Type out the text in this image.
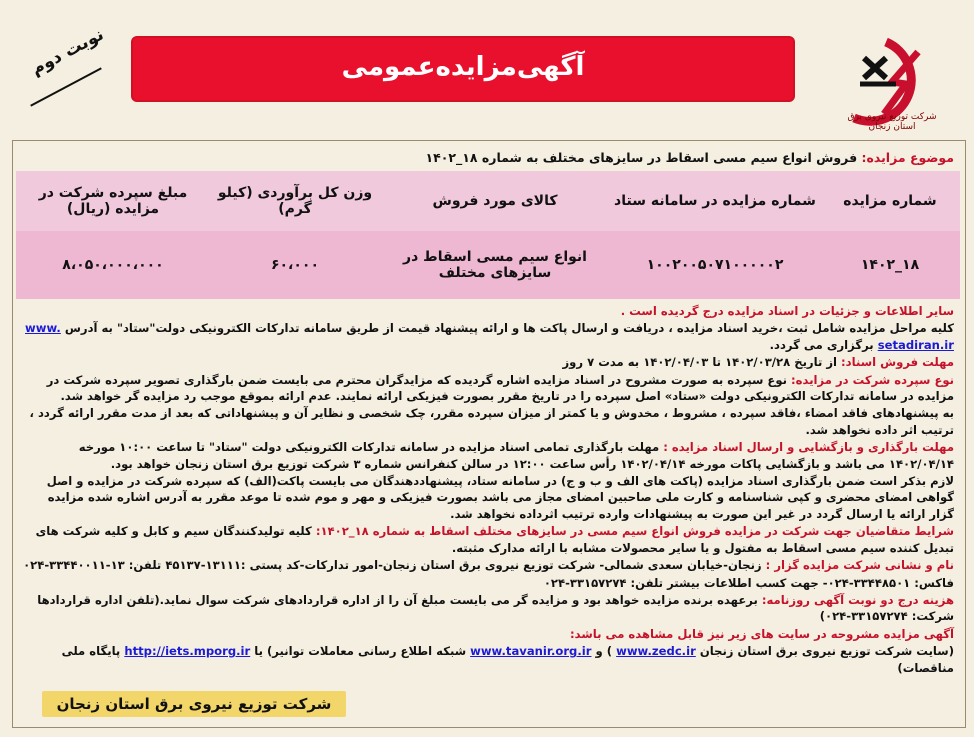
آگهی‌مزایده‌عمومی
نوبت دوم
شرکت توزیع نیروی برق استان زنجان
موضوع مزایده: فروش انواع سیم مسی اسقاط در سایزهای مختلف به شماره ۱۸_۱۴۰۲
شماره مزایده	شماره مزایده در سامانه ستاد	کالای مورد فروش	وزن کل برآوردی (کیلو گرم)	مبلغ سپرده شرکت در مزایده (ریال)
۱۸_۱۴۰۲	۱۰۰۲۰۰۵۰۷۱۰۰۰۰۰۲	انواع سیم مسی اسقاط در سایزهای مختلف	۶۰،۰۰۰	۸،۰۵۰،۰۰۰،۰۰۰

سایر اطلاعات و جزئیات در اسناد مزایده درج گردیده است .

کلیه مراحل مزایده شامل ثبت ،خرید اسناد مزایده ، دریافت و ارسال پاکت ها و ارائه پیشنهاد قیمت از طریق سامانه تدارکات الکترونیکی دولت"ستاد" به آدرس www. setadiran.ir برگزاری می گردد.

مهلت فروش اسناد: از تاریخ ۱۴۰۲/۰۳/۲۸ تا ۱۴۰۲/۰۴/۰۳ به مدت ۷ روز

نوع سپرده شرکت در مزایده: نوع سپرده به صورت مشروح در اسناد مزایده اشاره گردیده که مزایدگران محترم می بایست ضمن بارگذاری تصویر سپرده شرکت در مزایده در سامانه تدارکات الکترونیکی دولت «ستاد» اصل سپرده را در تاریخ مقرر بصورت فیزیکی ارائه نمایند. عدم ارائه بموقع موجب رد مزایده گر خواهد شد.

به پیشنهادهای فاقد امضاء ،فاقد سپرده ، مشروط ، مخدوش و یا کمتر از میزان سپرده مقرر، چک شخصی و نظایر آن و پیشنهاداتی که بعد از مدت مقرر ارائه گردد ، ترتیب اثر داده نخواهد شد.

مهلت بارگذاری و بازگشایی و ارسال اسناد مزایده : مهلت بارگذاری تمامی اسناد مزایده در سامانه تدارکات الکترونیکی دولت "ستاد" تا ساعت ۱۰:۰۰ مورخه ۱۴۰۲/۰۴/۱۴ می باشد و بازگشایی پاکات مورخه ۱۴۰۲/۰۴/۱۴ رأس ساعت ۱۲:۰۰ در سالن کنفرانس شماره ۳ شرکت توزیع برق استان زنجان خواهد بود.

لازم بذکر است ضمن بارگذاری اسناد مزایده (پاکت های الف و ب و ج) در سامانه ستاد، پیشنهاددهندگان می بایست پاکت(الف) که سپرده شرکت در مزایده و اصل گواهی امضای محضری و کپی شناسنامه و کارت ملی صاحبین امضای مجاز می باشد بصورت فیزیکی و مهر و موم شده تا موعد مقرر به آدرس اشاره شده مزایده گزار ارائه یا ارسال گردد در غیر این صورت به پیشنهادات وارده ترتیب اثرداده نخواهد شد.

شرایط متقاضیان جهت شرکت در مزایده فروش انواع سیم مسی در سایزهای مختلف اسقاط به شماره ۱۸_۱۴۰۲: کلیه تولیدکنندگان سیم و کابل و کلیه شرکت های تبدیل کننده سیم مسی اسقاط به مفتول و یا سایر محصولات مشابه با ارائه مدارک مثبته.

نام و نشانی شرکت مزایده گزار : زنجان-خیابان سعدی شمالی- شرکت توزیع نیروی برق استان زنجان-امور تدارکات-کد پستی :۱۳۱۱۱-۴۵۱۳۷ تلفن: ۱۳-۳۳۴۴۰۰۱۱-۰۲۴

فاکس: ۳۳۴۴۸۵۰۱-۰۲۴- جهت کسب اطلاعات بیشتر تلفن: ۳۳۱۵۷۲۷۴-۰۲۴

هزینه درج دو نوبت آگهی روزنامه: برعهده برنده مزایده خواهد بود و مزایده گر می بایست مبلغ آن را از اداره قراردادهای شرکت سوال نماید.(تلفن اداره قراردادها شرکت: ۳۳۱۵۷۲۷۴-۰۲۴)

آگهی مزایده مشروحه در سایت های زیر نیز قابل مشاهده می باشد:

(سایت شرکت توزیع نیروی برق استان زنجان www.zedc.ir ) و www.tavanir.org.ir شبکه اطلاع رسانی معاملات توانیر) یا http://iets.mporg.ir پایگاه ملی مناقصات)

شرکت توزیع نیروی برق استان زنجان
